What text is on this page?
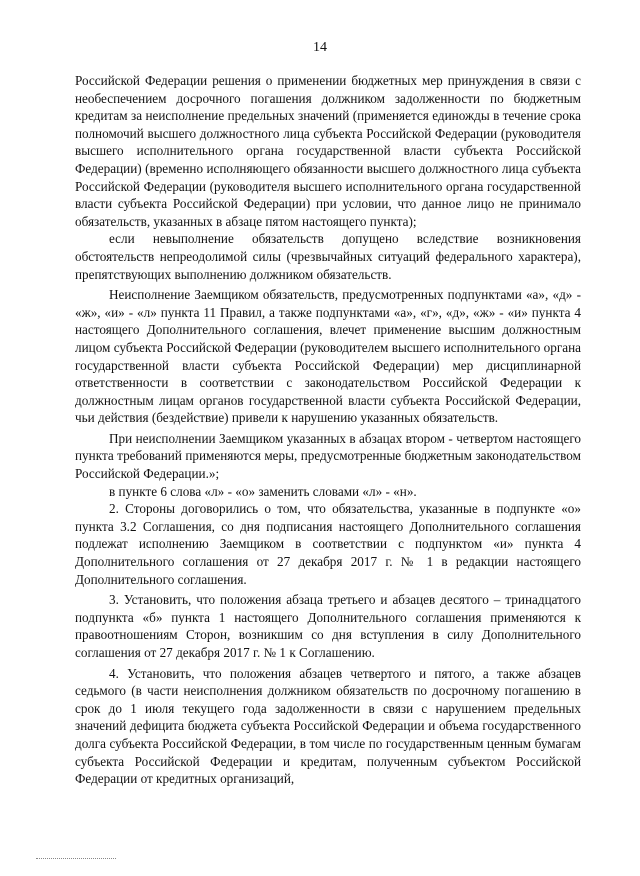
14

Российской Федерации решения о применении бюджетных мер принуждения в связи с необеспечением досрочного погашения должником задолженности по бюджетным кредитам за неисполнение предельных значений (применяется единожды в течение срока полномочий высшего должностного лица субъекта Российской Федерации (руководителя высшего исполнительного органа государственной власти субъекта Российской Федерации) (временно исполняющего обязанности высшего должностного лица субъекта Российской Федерации (руководителя высшего исполнительного органа государственной власти субъекта Российской Федерации) при условии, что данное лицо не принимало обязательств, указанных в абзаце пятом настоящего пункта);

если невыполнение обязательств допущено вследствие возникновения обстоятельств непреодолимой силы (чрезвычайных ситуаций федерального характера), препятствующих выполнению должником обязательств.

Неисполнение Заемщиком обязательств, предусмотренных подпунктами «а», «д» - «ж», «и» - «л» пункта 11 Правил, а также подпунктами «а», «г», «д», «ж» - «и» пункта 4 настоящего Дополнительного соглашения, влечет применение высшим должностным лицом субъекта Российской Федерации (руководителем высшего исполнительного органа государственной власти субъекта Российской Федерации) мер дисциплинарной ответственности в соответствии с законодательством Российской Федерации к должностным лицам органов государственной власти субъекта Российской Федерации, чьи действия (бездействие) привели к нарушению указанных обязательств.

При неисполнении Заемщиком указанных в абзацах втором - четвертом настоящего пункта требований применяются меры, предусмотренные бюджетным законодательством Российской Федерации.»;

в пункте 6 слова «л» - «о» заменить словами «л» - «н».

2. Стороны договорились о том, что обязательства, указанные в подпункте «о» пункта 3.2 Соглашения, со дня подписания настоящего Дополнительного соглашения подлежат исполнению Заемщиком в соответствии с подпунктом «и» пункта 4 Дополнительного соглашения от 27 декабря 2017 г. № 1 в редакции настоящего Дополнительного соглашения.

3. Установить, что положения абзаца третьего и абзацев десятого – тринадцатого подпункта «б» пункта 1 настоящего Дополнительного соглашения применяются к правоотношениям Сторон, возникшим со дня вступления в силу Дополнительного соглашения от 27 декабря 2017 г. № 1 к Соглашению.

4. Установить, что положения абзацев четвертого и пятого, а также абзацев седьмого (в части неисполнения должником обязательств по досрочному погашению в срок до 1 июля текущего года задолженности в связи с нарушением предельных значений дефицита бюджета субъекта Российской Федерации и объема государственного долга субъекта Российской Федерации, в том числе по государственным ценным бумагам субъекта Российской Федерации и кредитам, полученным субъектом Российской Федерации от кредитных организаций,
